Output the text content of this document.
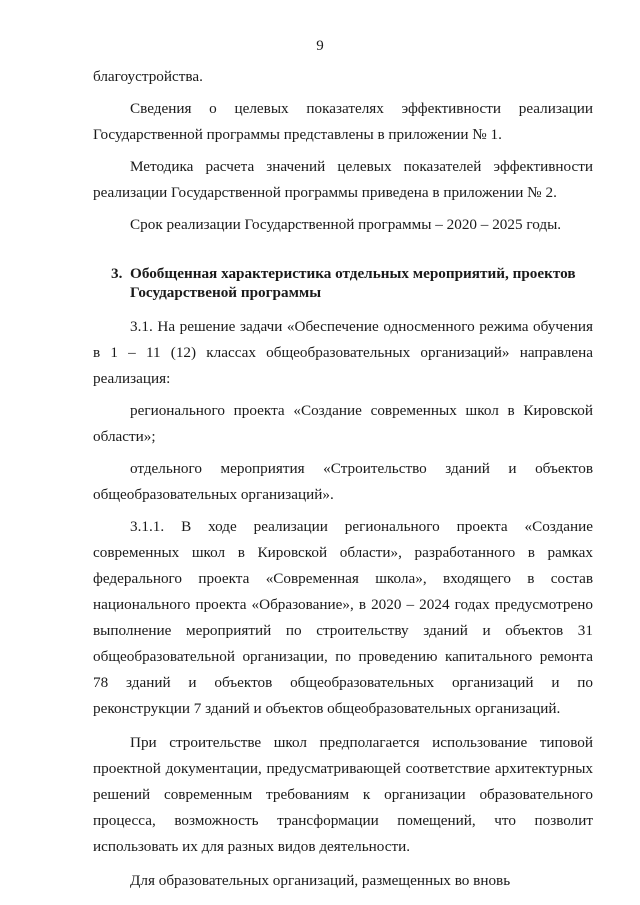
9

благоустройства.

Сведения о целевых показателях эффективности реализации Государственной программы представлены в приложении № 1.

Методика расчета значений целевых показателей эффективности реализации Государственной программы приведена в приложении № 2.

Срок реализации Государственной программы – 2020 – 2025 годы.

3. Обобщенная характеристика отдельных мероприятий, проектов Государственой программы

3.1. На решение задачи «Обеспечение односменного режима обучения в 1 – 11 (12) классах общеобразовательных организаций» направлена реализация:

регионального проекта «Создание современных школ в Кировской области»;

отдельного мероприятия «Строительство зданий и объектов общеобразовательных организаций».

3.1.1. В ходе реализации регионального проекта «Создание современных школ в Кировской области», разработанного в рамках федерального проекта «Современная школа», входящего в состав национального проекта «Образование», в 2020 – 2024 годах предусмотрено выполнение мероприятий по строительству зданий и объектов 31 общеобразовательной организации, по проведению капитального ремонта 78 зданий и объектов общеобразовательных организаций и по реконструкции 7 зданий и объектов общеобразовательных организаций.

При строительстве школ предполагается использование типовой проектной документации, предусматривающей соответствие архитектурных решений современным требованиям к организации образовательного процесса, возможность трансформации помещений, что позволит использовать их для разных видов деятельности.

Для образовательных организаций, размещенных во вновь
